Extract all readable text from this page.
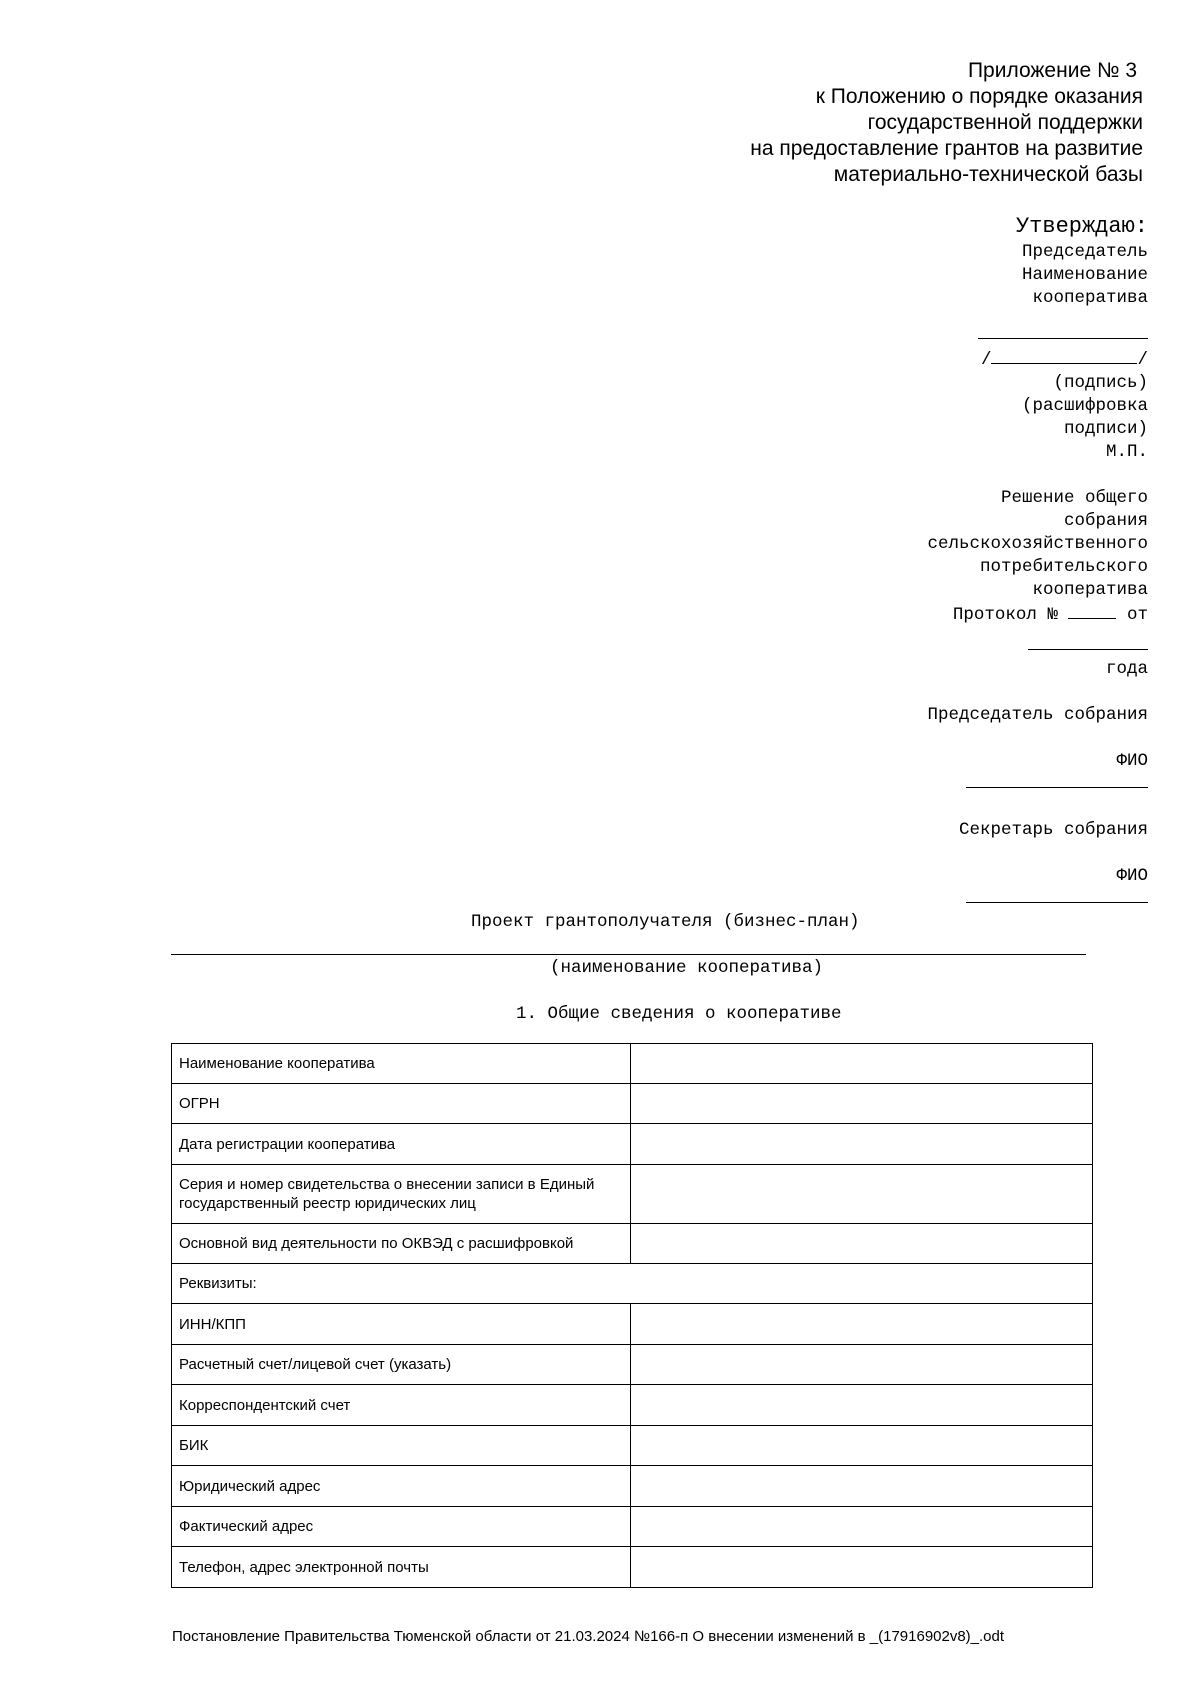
Приложение № 3
к Положению о порядке оказания
государственной поддержки
на предоставление грантов на развитие
материально-технической базы
Утверждаю:
Председатель
Наименование
кооператива
/	/
(подпись)
(расшифровка
подписи)
М.П.
Решение общего
собрания
сельскохозяйственного
потребительского
кооператива
Протокол №	от
года
Председатель собрания
ФИО
Секретарь собрания
ФИО
Проект грантополучателя (бизнес-план)
(наименование кооператива)
1. Общие сведения о кооперативе
Наименование кооператива	
ОГРН	
Дата регистрации кооператива	
Серия и номер свидетельства о внесении записи в Единый государственный реестр юридических лиц	
Основной вид деятельности по ОКВЭД с расшифровкой	
Реквизиты:	
ИНН/КПП	
Расчетный счет/лицевой счет (указать)	
Корреспондентский счет	
БИК	
Юридический адрес	
Фактический адрес	
Телефон, адрес электронной почты	
Постановление Правительства Тюменской области от 21.03.2024 №166-п О внесении изменений в _(17916902v8)_.odt
